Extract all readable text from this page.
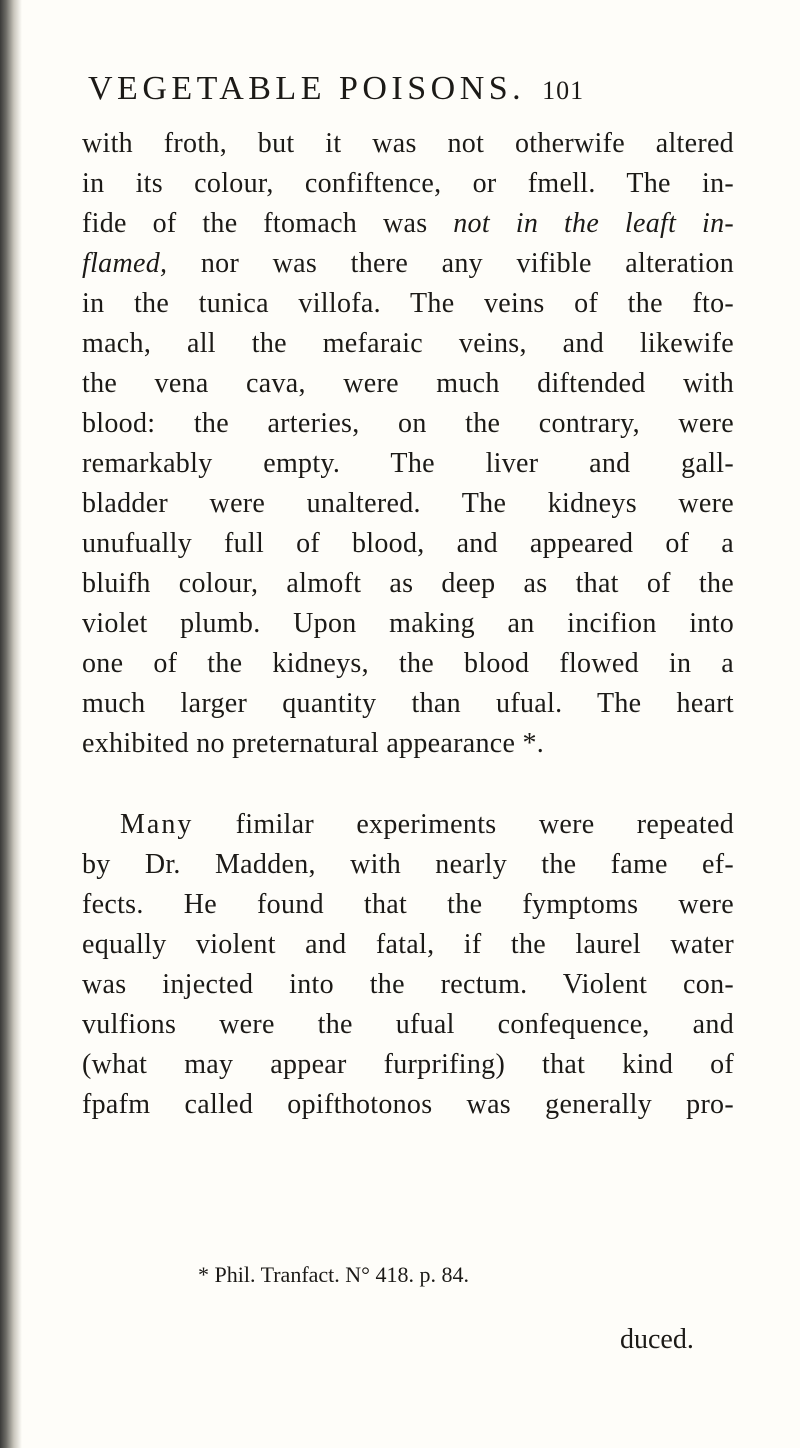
VEGETABLE POISONS. 101
with froth, but it was not otherwife altered
in its colour, confiftence, or fmell. The in-
fide of the ftomach was not in the leaft in-
flamed, nor was there any vifible alteration
in the tunica villofa. The veins of the fto-
mach, all the mefaraic veins, and likewife
the vena cava, were much diftended with
blood: the arteries, on the contrary, were
remarkably empty. The liver and gall-
bladder were unaltered. The kidneys were
unufually full of blood, and appeared of a
bluifh colour, almoft as deep as that of the
violet plumb. Upon making an incifion into
one of the kidneys, the blood flowed in a
much larger quantity than ufual. The heart
exhibited no preternatural appearance *.
Many fimilar experiments were repeated
by Dr. Madden, with nearly the fame ef-
fects. He found that the fymptoms were
equally violent and fatal, if the laurel water
was injected into the rectum. Violent con-
vulfions were the ufual confequence, and
(what may appear furprifing) that kind of
fpafm called opifthotonos was generally pro-
* Phil. Tranfact. N° 418. p. 84.
duced.
